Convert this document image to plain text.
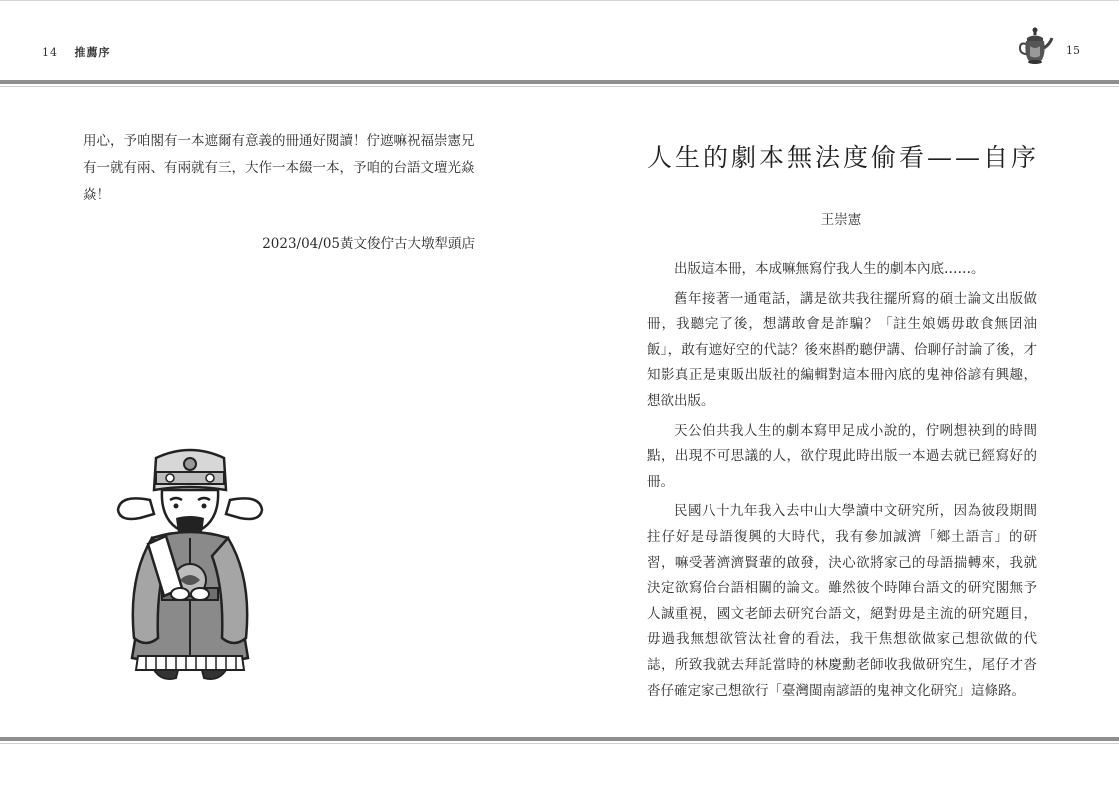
14 推薦序	15

用心，予咱閣有一本遮爾有意義的冊通好閱讀！佇遮嘛祝福崇憲兄有一就有兩、有兩就有三，大作一本綴一本，予咱的台語文壇光焱焱！

2023/04/05黃文俊佇古大墩犁頭店
人生的劇本無法度偷看——自序
王崇憲

出版這本冊，本成嘛無寫佇我人生的劇本內底……。

舊年接著一通電話，講是欲共我往擺所寫的碩士論文出版做冊，我聽完了後，想講敢會是詐騙？「註生娘媽毋敢食無囝油飯」，敢有遮好空的代誌？後來斟酌聽伊講、佮聊仔討論了後，才知影真正是東販出版社的編輯對這本冊內底的鬼神俗諺有興趣，想欲出版。

天公伯共我人生的劇本寫甲足成小說的，佇咧想袂到的時間點，出現不可思議的人，欲佇現此時出版一本過去就已經寫好的冊。

民國八十九年我入去中山大學讀中文研究所，因為彼段期間拄仔好是母語復興的大時代，我有參加誠濟「鄉土語言」的研習，嘛受著濟濟賢輩的啟發，決心欲將家己的母語揣轉來，我就決定欲寫佮台語相關的論文。雖然彼个時陣台語文的研究閣無予人誠重視，國文老師去研究台語文，絕對毋是主流的研究題目，毋過我無想欲管汰社會的看法，我干焦想欲做家己想欲做的代誌，所致我就去拜託當時的林慶勳老師收我做研究生，尾仔才沓沓仔確定家己想欲行「臺灣閩南諺語的鬼神文化研究」這條路。
